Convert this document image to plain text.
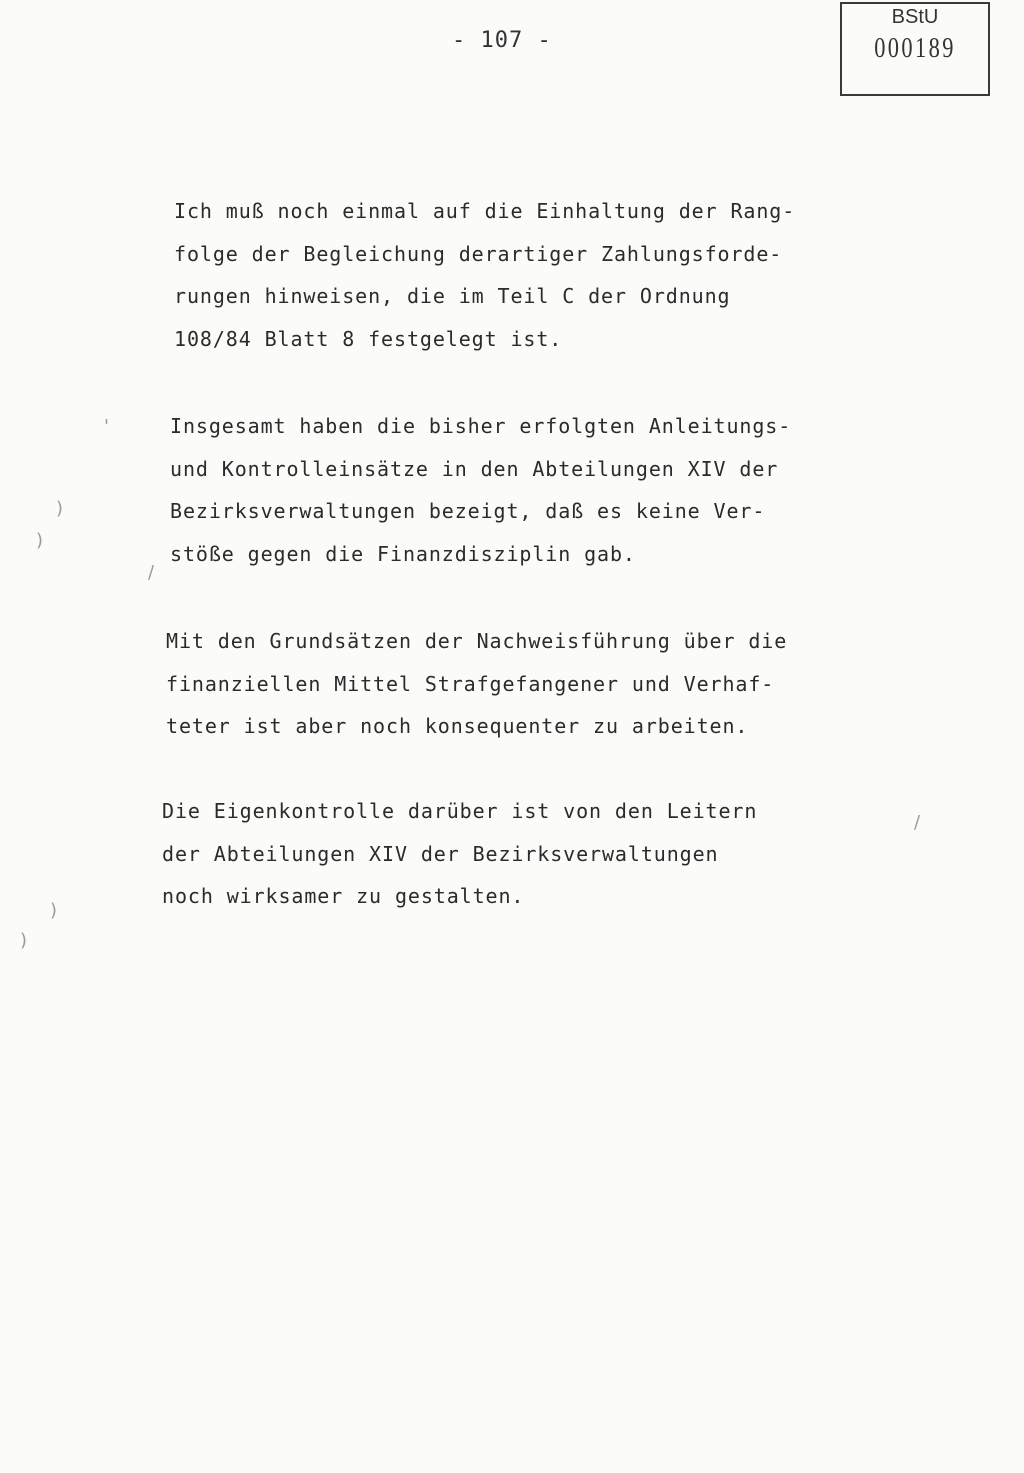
- 107 -
BStU
000189

Ich muß noch einmal auf die Einhaltung der Rang-
folge der Begleichung derartiger Zahlungsforde-
rungen hinweisen, die im Teil C der Ordnung
108/84 Blatt 8 festgelegt ist.

Insgesamt haben die bisher erfolgten Anleitungs-
und Kontrolleinsätze in den Abteilungen XIV der
Bezirksverwaltungen bezeigt, daß es keine Ver-
stöße gegen die Finanzdisziplin gab.

Mit den Grundsätzen der Nachweisführung über die
finanziellen Mittel Strafgefangener und Verhaf-
teter ist aber noch konsequenter zu arbeiten.

Die Eigenkontrolle darüber ist von den Leitern
der Abteilungen XIV der Bezirksverwaltungen
noch wirksamer zu gestalten.

)
)
)
)
/
/
'
